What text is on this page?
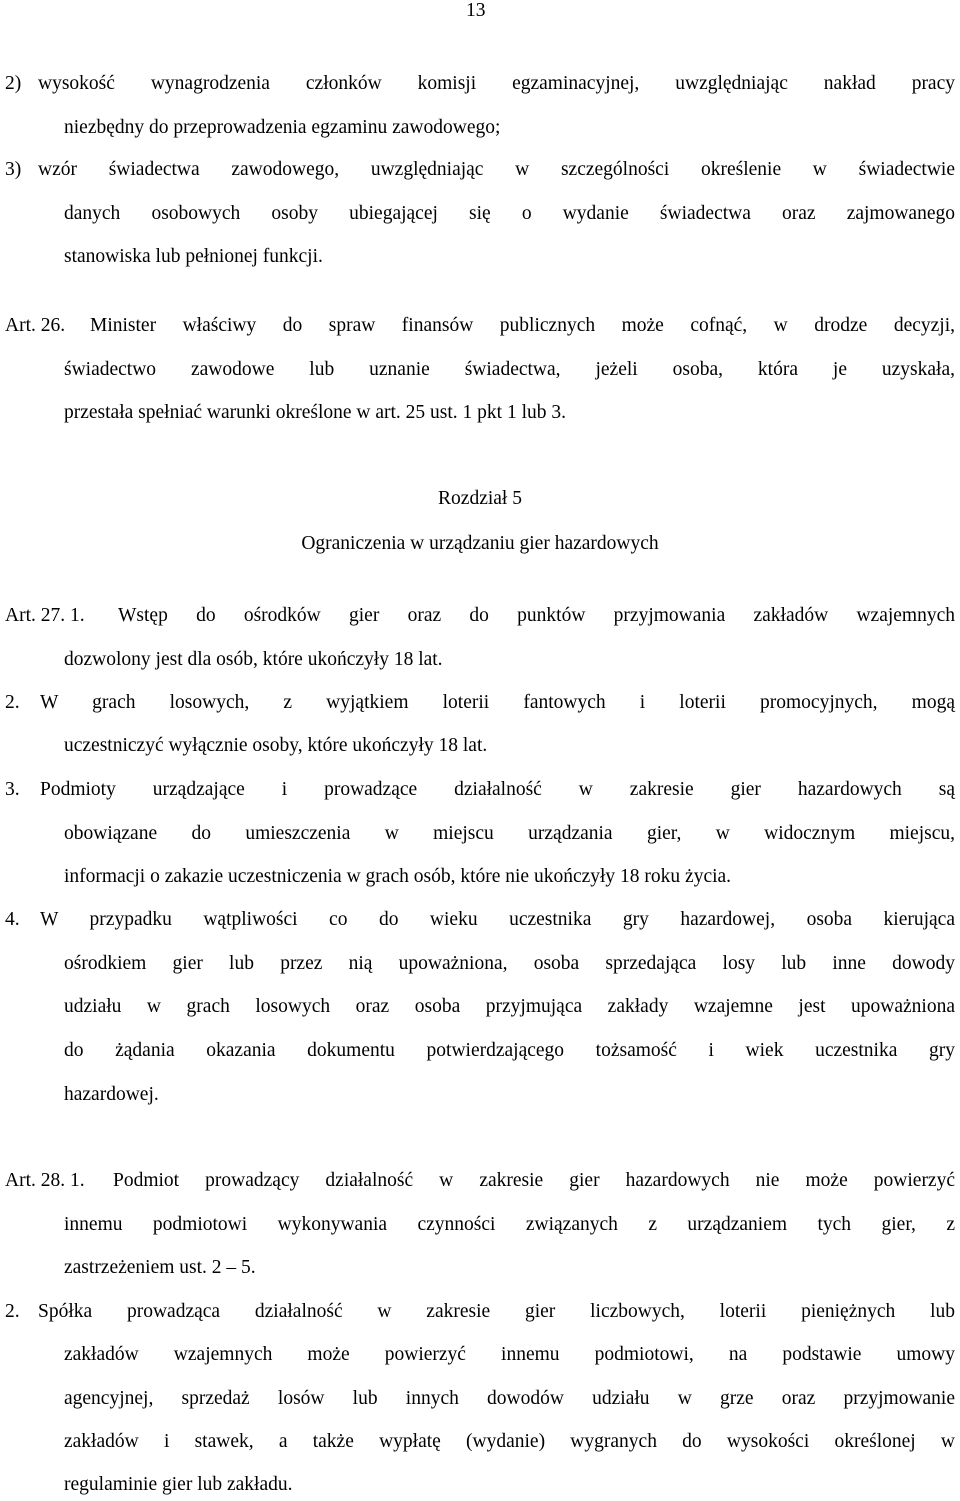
13
2) wysokość wynagrodzenia członków komisji egzaminacyjnej, uwzględniając nakład pracy
niezbędny do przeprowadzenia egzaminu zawodowego;
3) wzór świadectwa zawodowego, uwzględniając w szczególności określenie w świadectwie
danych osobowych osoby ubiegającej się o wydanie świadectwa oraz zajmowanego
stanowiska lub pełnionej funkcji.
Art. 26. Minister właściwy do spraw finansów publicznych może cofnąć, w drodze decyzji,
świadectwo zawodowe lub uznanie świadectwa, jeżeli osoba, która je uzyskała,
przestała spełniać warunki określone w art. 25 ust. 1 pkt 1 lub 3.
Rozdział 5
Ograniczenia w urządzaniu gier hazardowych
Art. 27. 1. Wstęp do ośrodków gier oraz do punktów przyjmowania zakładów wzajemnych
dozwolony jest dla osób, które ukończyły 18 lat.
2. W grach losowych, z wyjątkiem loterii fantowych i loterii promocyjnych, mogą
uczestniczyć wyłącznie osoby, które ukończyły 18 lat.
3. Podmioty urządzające i prowadzące działalność w zakresie gier hazardowych są
obowiązane do umieszczenia w miejscu urządzania gier, w widocznym miejscu,
informacji o zakazie uczestniczenia w grach osób, które nie ukończyły 18 roku życia.
4. W przypadku wątpliwości co do wieku uczestnika gry hazardowej, osoba kierująca
ośrodkiem gier lub przez nią upoważniona, osoba sprzedająca losy lub inne dowody
udziału w grach losowych oraz osoba przyjmująca zakłady wzajemne jest upoważniona
do żądania okazania dokumentu potwierdzającego tożsamość i wiek uczestnika gry
hazardowej.
Art. 28. 1. Podmiot prowadzący działalność w zakresie gier hazardowych nie może powierzyć
innemu podmiotowi wykonywania czynności związanych z urządzaniem tych gier, z
zastrzeżeniem ust. 2 – 5.
2. Spółka prowadząca działalność w zakresie gier liczbowych, loterii pieniężnych lub
zakładów wzajemnych może powierzyć innemu podmiotowi, na podstawie umowy
agencyjnej, sprzedaż losów lub innych dowodów udziału w grze oraz przyjmowanie
zakładów i stawek, a także wypłatę (wydanie) wygranych do wysokości określonej w
regulaminie gier lub zakładu.
